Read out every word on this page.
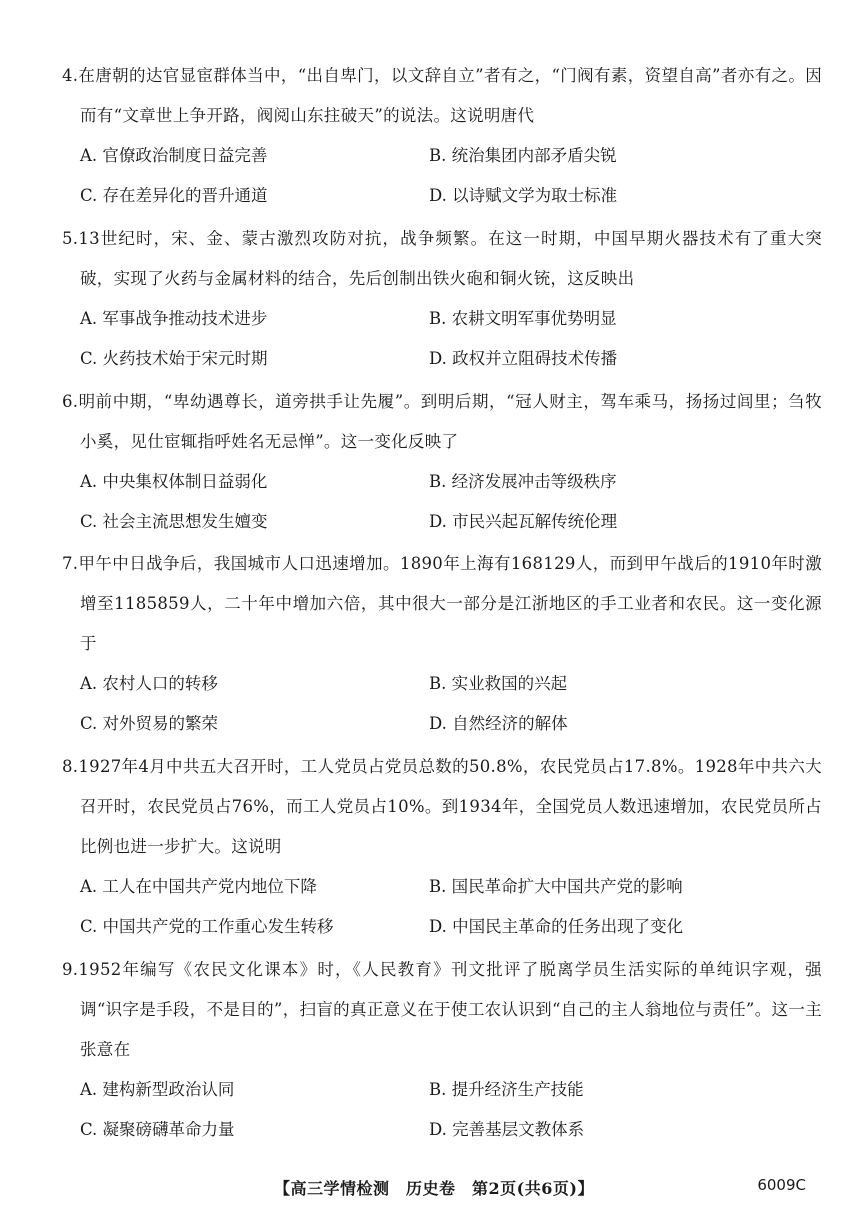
4.在唐朝的达官显宦群体当中，“出自卑门，以文辞自立”者有之，“门阀有素，资望自高”者亦有之。因而有“文章世上争开路，阀阅山东拄破天”的说法。这说明唐代

A. 官僚政治制度日益完善	B. 统治集团内部矛盾尖锐
C. 存在差异化的晋升通道	D. 以诗赋文学为取士标准

5.13世纪时，宋、金、蒙古激烈攻防对抗，战争频繁。在这一时期，中国早期火器技术有了重大突破，实现了火药与金属材料的结合，先后创制出铁火砲和铜火铳，这反映出

A. 军事战争推动技术进步	B. 农耕文明军事优势明显
C. 火药技术始于宋元时期	D. 政权并立阻碍技术传播

6.明前中期，“卑幼遇尊长，道旁拱手让先履”。到明后期，“冠人财主，驾车乘马，扬扬过闾里；刍牧小奚，见仕宦辄指呼姓名无忌惮”。这一变化反映了

A. 中央集权体制日益弱化	B. 经济发展冲击等级秩序
C. 社会主流思想发生嬗变	D. 市民兴起瓦解传统伦理

7.甲午中日战争后，我国城市人口迅速增加。1890年上海有168129人，而到甲午战后的1910年时激增至1185859人，二十年中增加六倍，其中很大一部分是江浙地区的手工业者和农民。这一变化源于

A. 农村人口的转移	B. 实业救国的兴起
C. 对外贸易的繁荣	D. 自然经济的解体

8.1927年4月中共五大召开时，工人党员占党员总数的50.8%，农民党员占17.8%。1928年中共六大召开时，农民党员占76%，而工人党员占10%。到1934年，全国党员人数迅速增加，农民党员所占比例也进一步扩大。这说明

A. 工人在中国共产党内地位下降	B. 国民革命扩大中国共产党的影响
C. 中国共产党的工作重心发生转移	D. 中国民主革命的任务出现了变化

9.1952年编写《农民文化课本》时，《人民教育》刊文批评了脱离学员生活实际的单纯识字观，强调“识字是手段，不是目的”，扫盲的真正意义在于使工农认识到“自己的主人翁地位与责任”。这一主张意在

A. 建构新型政治认同	B. 提升经济生产技能
C. 凝聚磅礴革命力量	D. 完善基层文教体系
【高三学情检测　历史卷　第2页(共6页)】	6009C
